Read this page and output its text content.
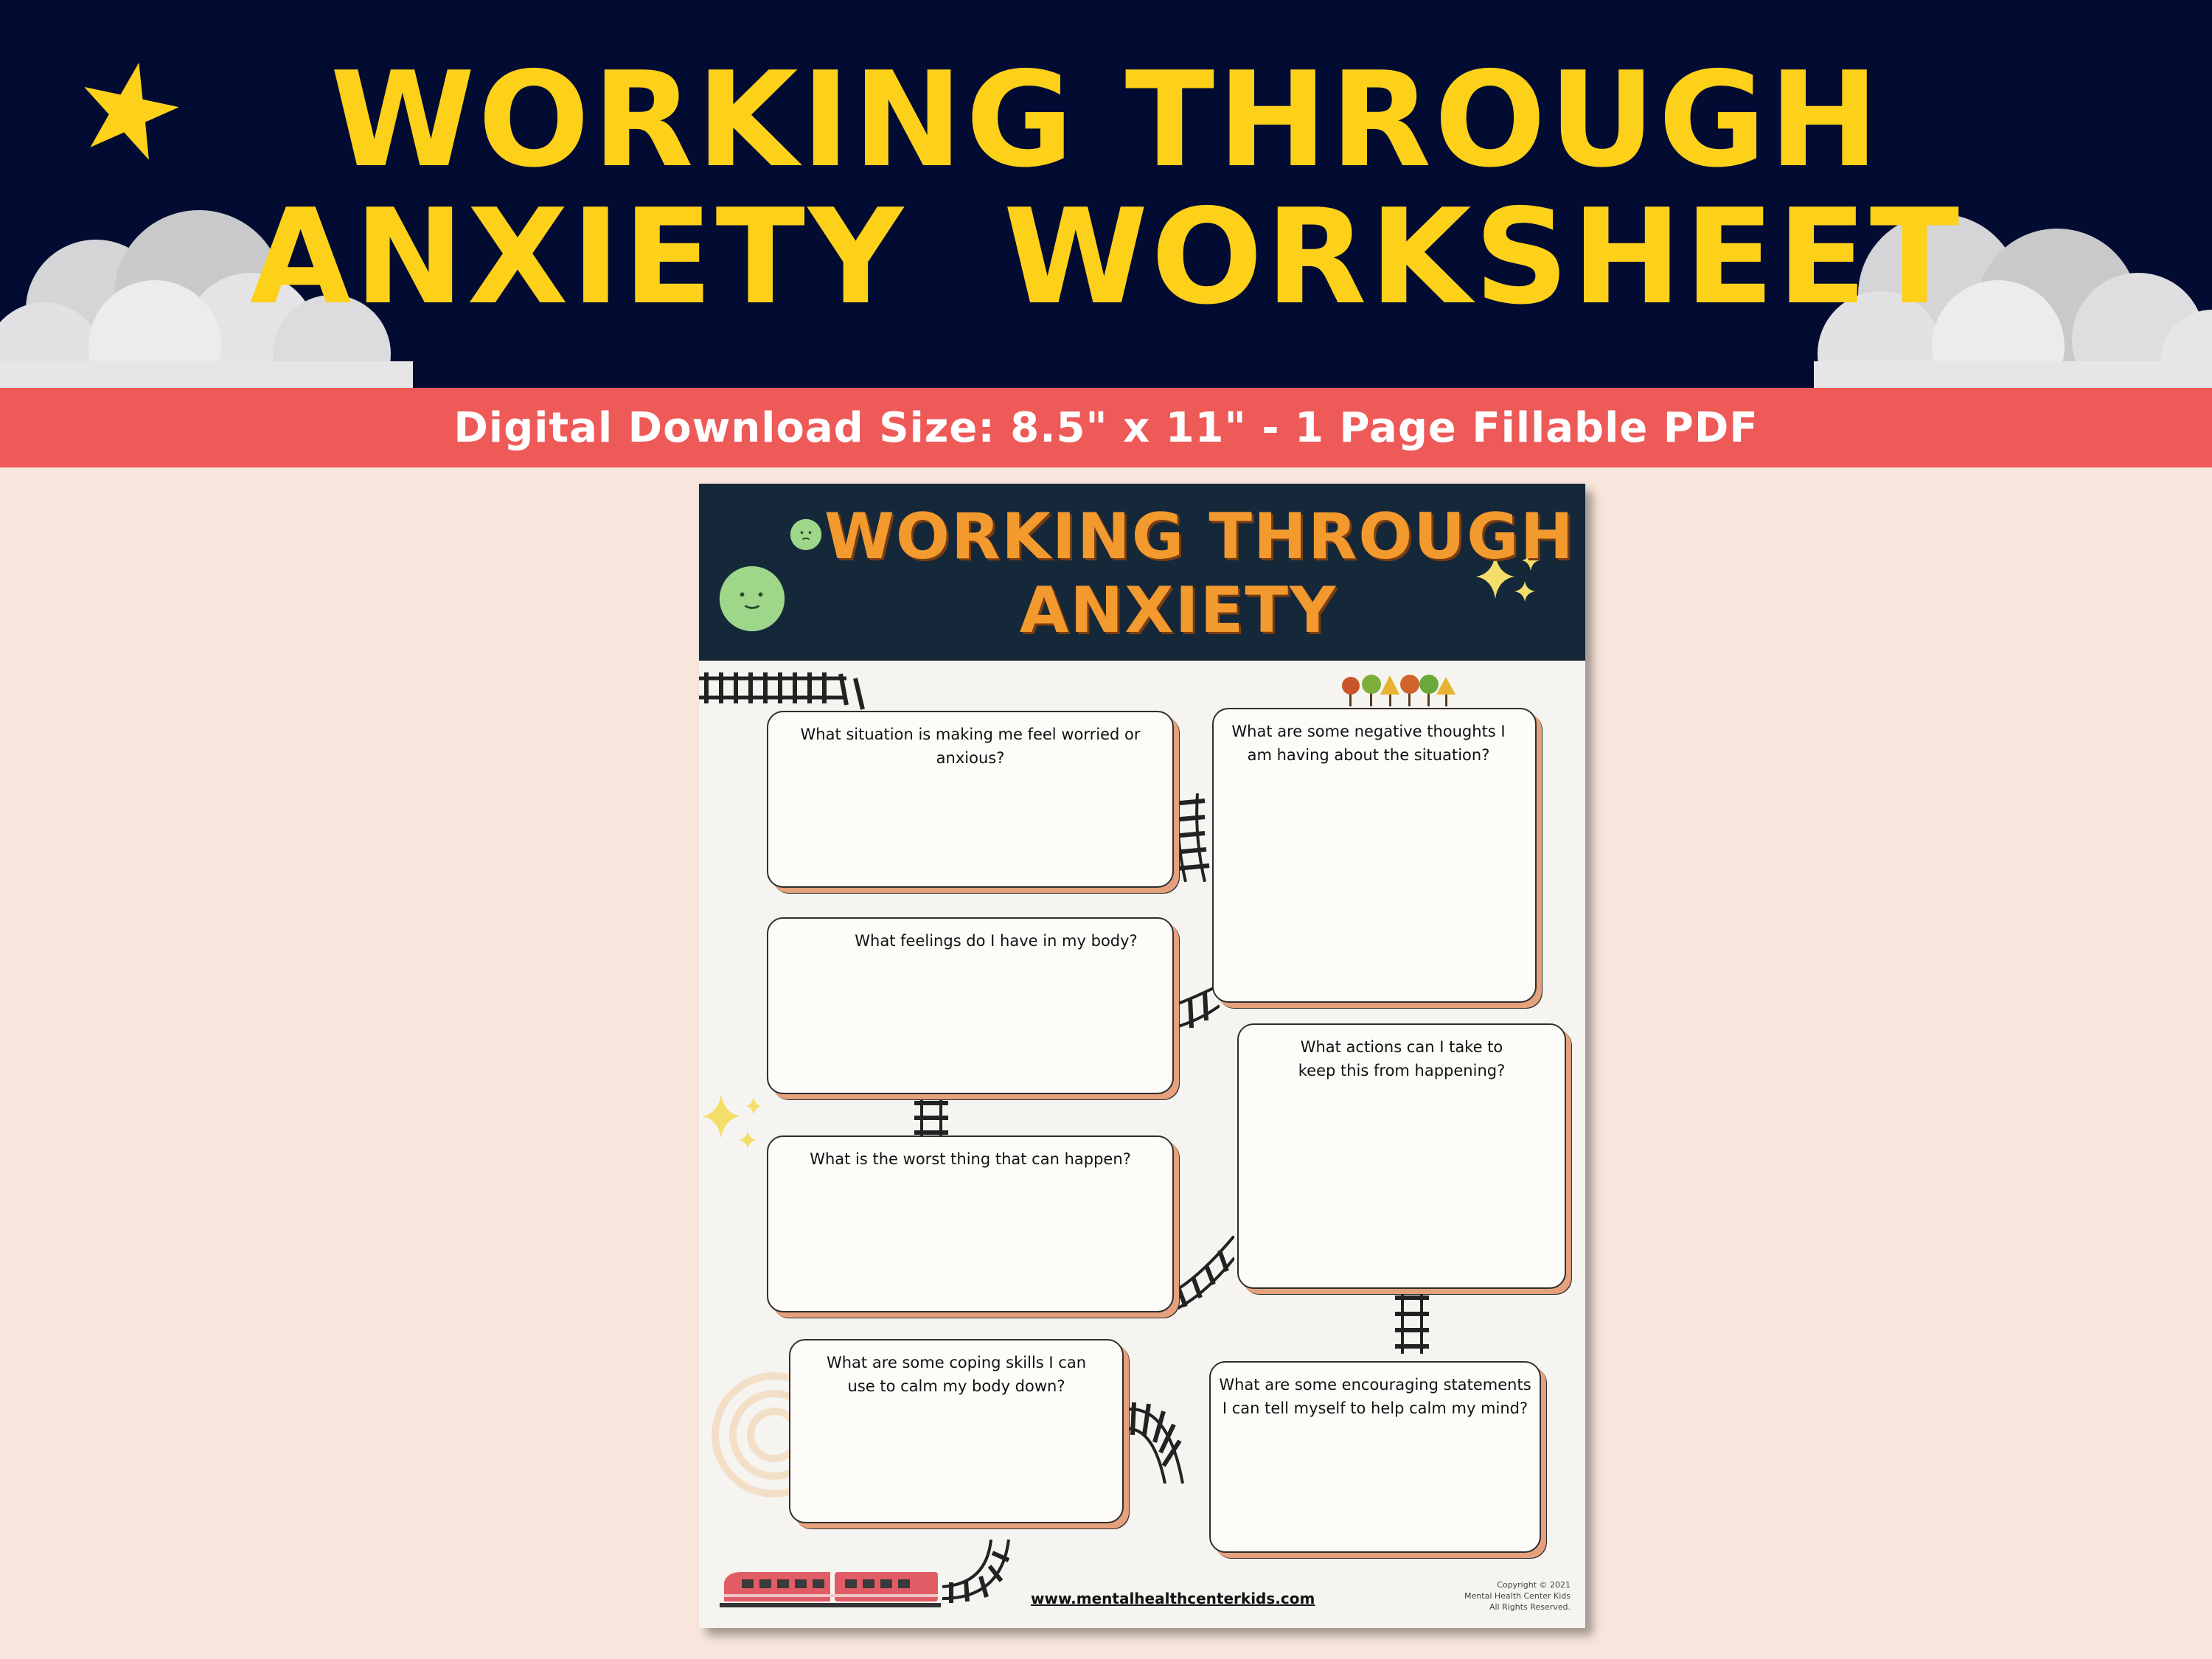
WORKING THROUGH
ANXIETY  WORKSHEET
Digital Download Size: 8.5" x 11" - 1 Page Fillable PDF
WORKING THROUGH
ANXIETY
What situation is making me feel worried or anxious?
What are some negative thoughts I am having about the situation?
What feelings do I have in my body?
What actions can I take to keep this from happening?
What is the worst thing that can happen?
What are some coping skills I can use to calm my body down?	What are some encouraging statements I can tell myself to help calm my mind?
www.mentalhealthcenterkids.com
Copyright © 2021
Mental Health Center Kids
All Rights Reserved.
